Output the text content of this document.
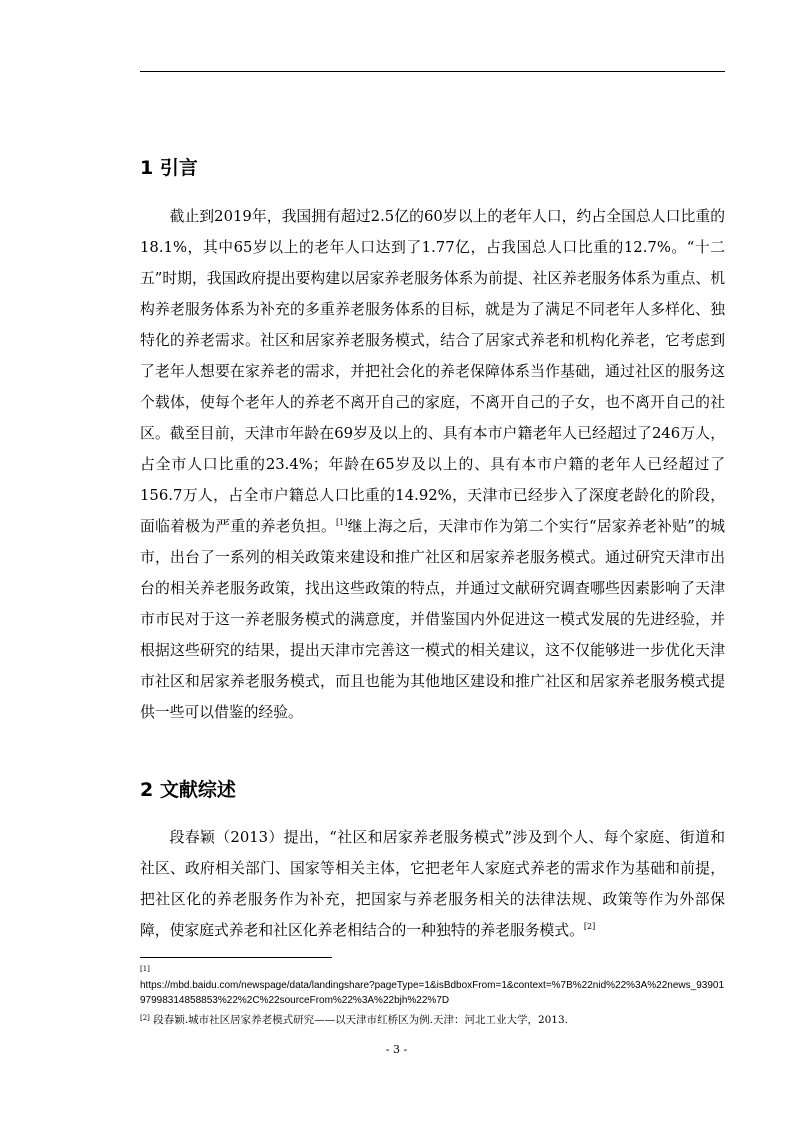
1 引言

截止到2019年，我国拥有超过2.5亿的60岁以上的老年人口，约占全国总人口比重的 18.1%，其中65岁以上的老年人口达到了1.77亿，占我国总人口比重的12.7%。“十二五”时期，我国政府提出要构建以居家养老服务体系为前提、社区养老服务体系为重点、机构养老服务体系为补充的多重养老服务体系的目标，就是为了满足不同老年人多样化、独特化的养老需求。社区和居家养老服务模式，结合了居家式养老和机构化养老，它考虑到了老年人想要在家养老的需求，并把社会化的养老保障体系当作基础，通过社区的服务这个载体，使每个老年人的养老不离开自己的家庭，不离开自己的子女，也不离开自己的社区。截至目前，天津市年龄在69岁及以上的、具有本市户籍老年人已经超过了246万人，占全市人口比重的23.4%；年龄在65岁及以上的、具有本市户籍的老年人已经超过了156.7万人，占全市户籍总人口比重的14.92%，天津市已经步入了深度老龄化的阶段，面临着极为严重的养老负担。[1]继上海之后，天津市作为第二个实行“居家养老补贴”的城市，出台了一系列的相关政策来建设和推广社区和居家养老服务模式。通过研究天津市出台的相关养老服务政策，找出这些政策的特点，并通过文献研究调查哪些因素影响了天津市市民对于这一养老服务模式的满意度，并借鉴国内外促进这一模式发展的先进经验，并根据这些研究的结果，提出天津市完善这一模式的相关建议，这不仅能够进一步优化天津市社区和居家养老服务模式，而且也能为其他地区建设和推广社区和居家养老服务模式提供一些可以借鉴的经验。

2 文献综述

段春颖（2013）提出，“社区和居家养老服务模式”涉及到个人、每个家庭、街道和社区、政府相关部门、国家等相关主体，它把老年人家庭式养老的需求作为基础和前提，把社区化的养老服务作为补充，把国家与养老服务相关的法律法规、政策等作为外部保障，使家庭式养老和社区化养老相结合的一种独特的养老服务模式。[2]

[1]
https://mbd.baidu.com/newspage/data/landingshare?pageType=1&isBdboxFrom=1&context=%7B%22nid%22%3A%22news_9390197998314858853%22%2C%22sourceFrom%22%3A%22bjh%22%7D

[2] 段春颖.城市社区居家养老模式研究——以天津市红桥区为例.天津：河北工业大学，2013.

- 3 -
